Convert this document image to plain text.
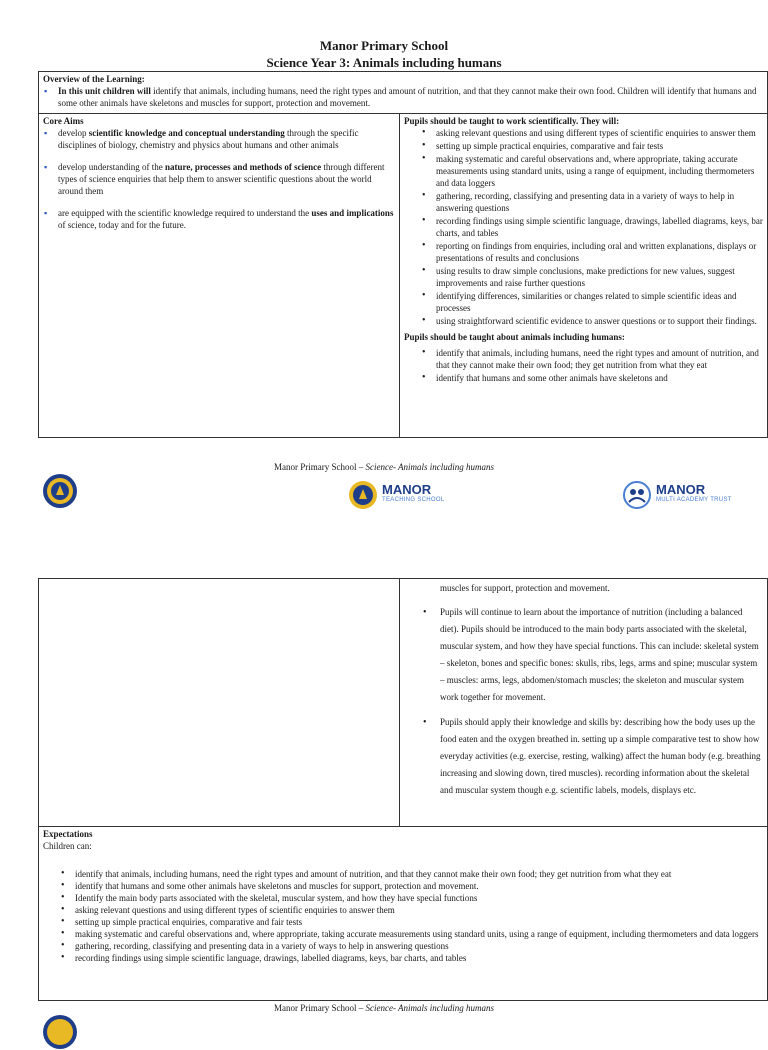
Manor Primary School
Science Year 3: Animals including humans
Overview of the Learning:
▪ In this unit children will identify that animals, including humans, need the right types and amount of nutrition, and that they cannot make their own food. Children will identify that humans and some other animals have skeletons and muscles for support, protection and movement.

Core Aims
▪ develop scientific knowledge and conceptual understanding through the specific disciplines of biology, chemistry and physics about humans and other animals
▪ develop understanding of the nature, processes and methods of science through different types of science enquiries that help them to answer scientific questions about the world around them
▪ are equipped with the scientific knowledge required to understand the uses and implications of science, today and for the future.

Pupils should be taught to work scientifically. They will:
• asking relevant questions and using different types of scientific enquiries to answer them
• setting up simple practical enquiries, comparative and fair tests
• making systematic and careful observations and, where appropriate, taking accurate measurements using standard units, using a range of equipment, including thermometers and data loggers
• gathering, recording, classifying and presenting data in a variety of ways to help in answering questions
• recording findings using simple scientific language, drawings, labelled diagrams, keys, bar charts, and tables
• reporting on findings from enquiries, including oral and written explanations, displays or presentations of results and conclusions
• using results to draw simple conclusions, make predictions for new values, suggest improvements and raise further questions
• identifying differences, similarities or changes related to simple scientific ideas and processes
• using straightforward scientific evidence to answer questions or to support their findings.
Pupils should be taught about animals including humans:
• identify that animals, including humans, need the right types and amount of nutrition, and that they cannot make their own food; they get nutrition from what they eat
• identify that humans and some other animals have skeletons and
Manor Primary School – Science- Animals including humans
MANOR
TEACHING SCHOOL
MANOR
MULTI ACADEMY TRUST

muscles for support, protection and movement.
• Pupils will continue to learn about the importance of nutrition (including a balanced diet). Pupils should be introduced to the main body parts associated with the skeletal, muscular system, and how they have special functions. This can include: skeletal system – skeleton, bones and specific bones: skulls, ribs, legs, arms and spine; muscular system – muscles: arms, legs, abdomen/stomach muscles; the skeleton and muscular system work together for movement.
• Pupils should apply their knowledge and skills by: describing how the body uses up the food eaten and the oxygen breathed in. setting up a simple comparative test to show how everyday activities (e.g. exercise, resting, walking) affect the human body (e.g. breathing increasing and slowing down, tired muscles). recording information about the skeletal and muscular system though e.g. scientific labels, models, displays etc.

Expectations
Children can:
• identify that animals, including humans, need the right types and amount of nutrition, and that they cannot make their own food; they get nutrition from what they eat
• identify that humans and some other animals have skeletons and muscles for support, protection and movement.
• Identify the main body parts associated with the skeletal, muscular system, and how they have special functions
• asking relevant questions and using different types of scientific enquiries to answer them
• setting up simple practical enquiries, comparative and fair tests
• making systematic and careful observations and, where appropriate, taking accurate measurements using standard units, using a range of equipment, including thermometers and data loggers
• gathering, recording, classifying and presenting data in a variety of ways to help in answering questions
• recording findings using simple scientific language, drawings, labelled diagrams, keys, bar charts, and tables
Manor Primary School – Science- Animals including humans
